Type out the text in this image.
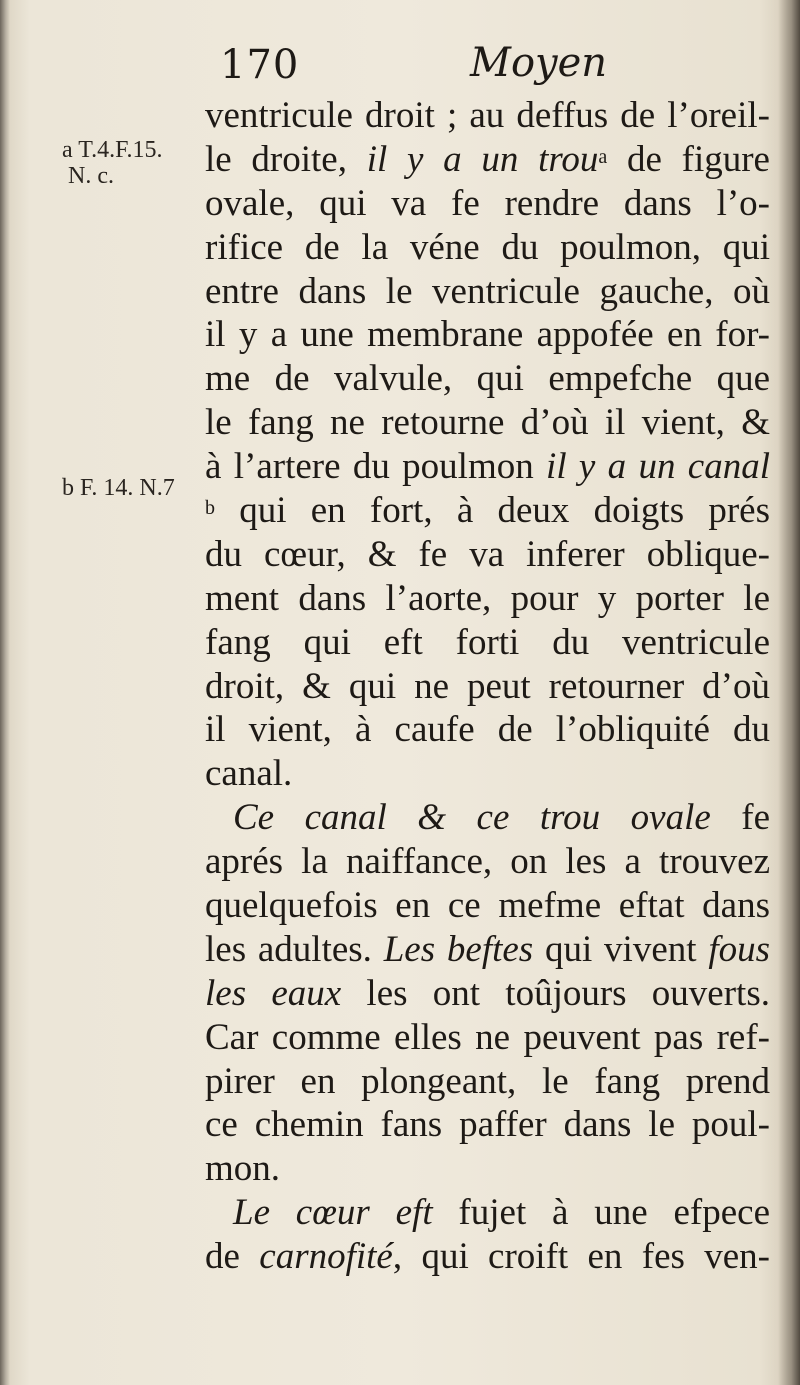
170	Moyen
a T.4.F.15.
N. c.
b F. 14. N.7
ventricule droit ; au deffus de l’oreil-
le droite, il y a un trou$^a$ de figure
ovale, qui va fe rendre dans l’o-
rifice de la véne du poulmon, qui
entre dans le ventricule gauche, où
il y a une membrane appofée en for-
me de valvule, qui empefche que
le fang ne retourne d’où il vient, &
à l’artere du poulmon il y a un canal
$^b$ qui en fort, à deux doigts prés
du cœur, & fe va inferer oblique-
ment dans l’aorte, pour y porter le
fang qui eft forti du ventricule
droit, & qui ne peut retourner d’où
il vient, à caufe de l’obliquité du
canal.
Ce canal & ce trou ovale fe
aprés la naiffance, on les a trouvez
quelquefois en ce mefme eftat dans
les adultes. Les beftes qui vivent fous
les eaux les ont toûjours ouverts.
Car comme elles ne peuvent pas ref-
pirer en plongeant, le fang prend
ce chemin fans paffer dans le poul-
mon.
Le cœur eft fujet à une efpece
de carnofité, qui croift en fes ven-
